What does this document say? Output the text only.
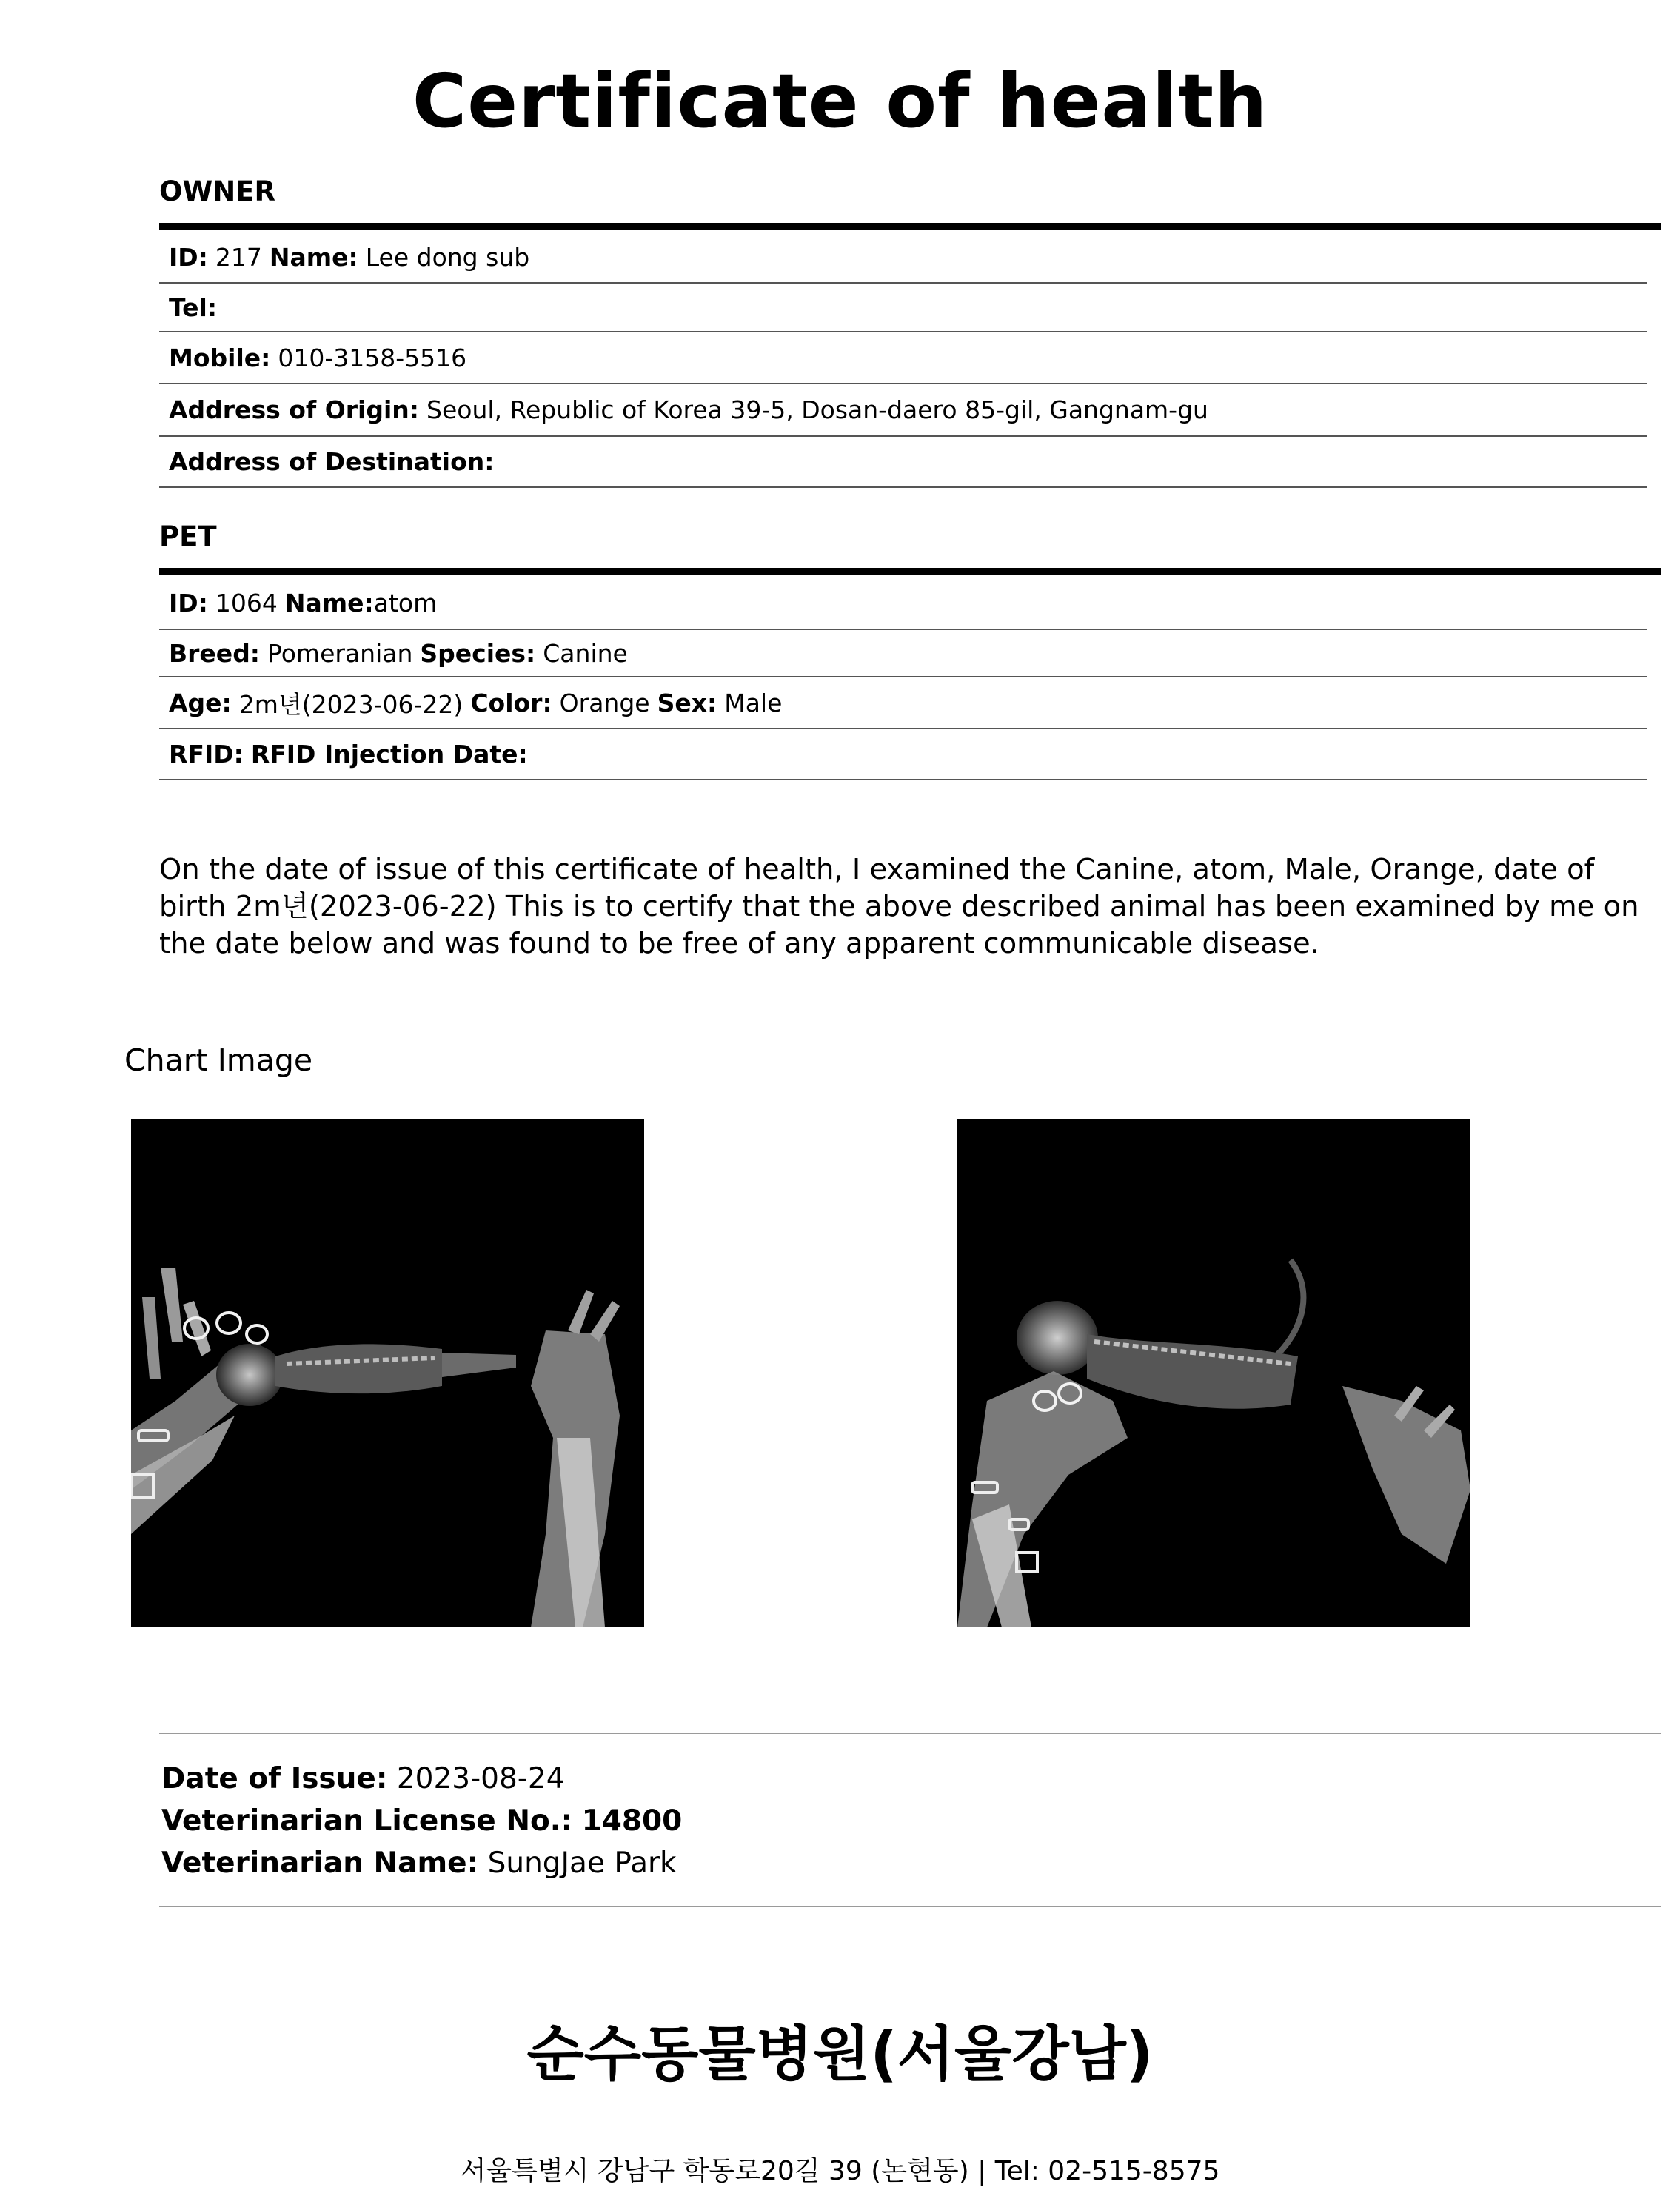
Certificate of health
OWNER
ID: 217 Name: Lee dong sub
Tel:
Mobile: 010-3158-5516
Address of Origin: Seoul, Republic of Korea 39-5, Dosan-daero 85-gil, Gangnam-gu
Address of Destination:
PET
ID: 1064 Name: atom
Breed: Pomeranian Species: Canine
Age: 2m년(2023-06-22) Color: Orange Sex: Male
RFID: RFID Injection Date:
On the date of issue of this certificate of health, I examined the Canine, atom, Male, Orange, date of birth 2m년(2023-06-22) This is to certify that the above described animal has been examined by me on the date below and was found to be free of any apparent communicable disease.
Chart Image
Date of Issue: 2023-08-24
Veterinarian License No.: 14800
Veterinarian Name: SungJae Park
순수동물병원(서울강남)
서울특별시 강남구 학동로20길 39 (논현동) | Tel: 02-515-8575
